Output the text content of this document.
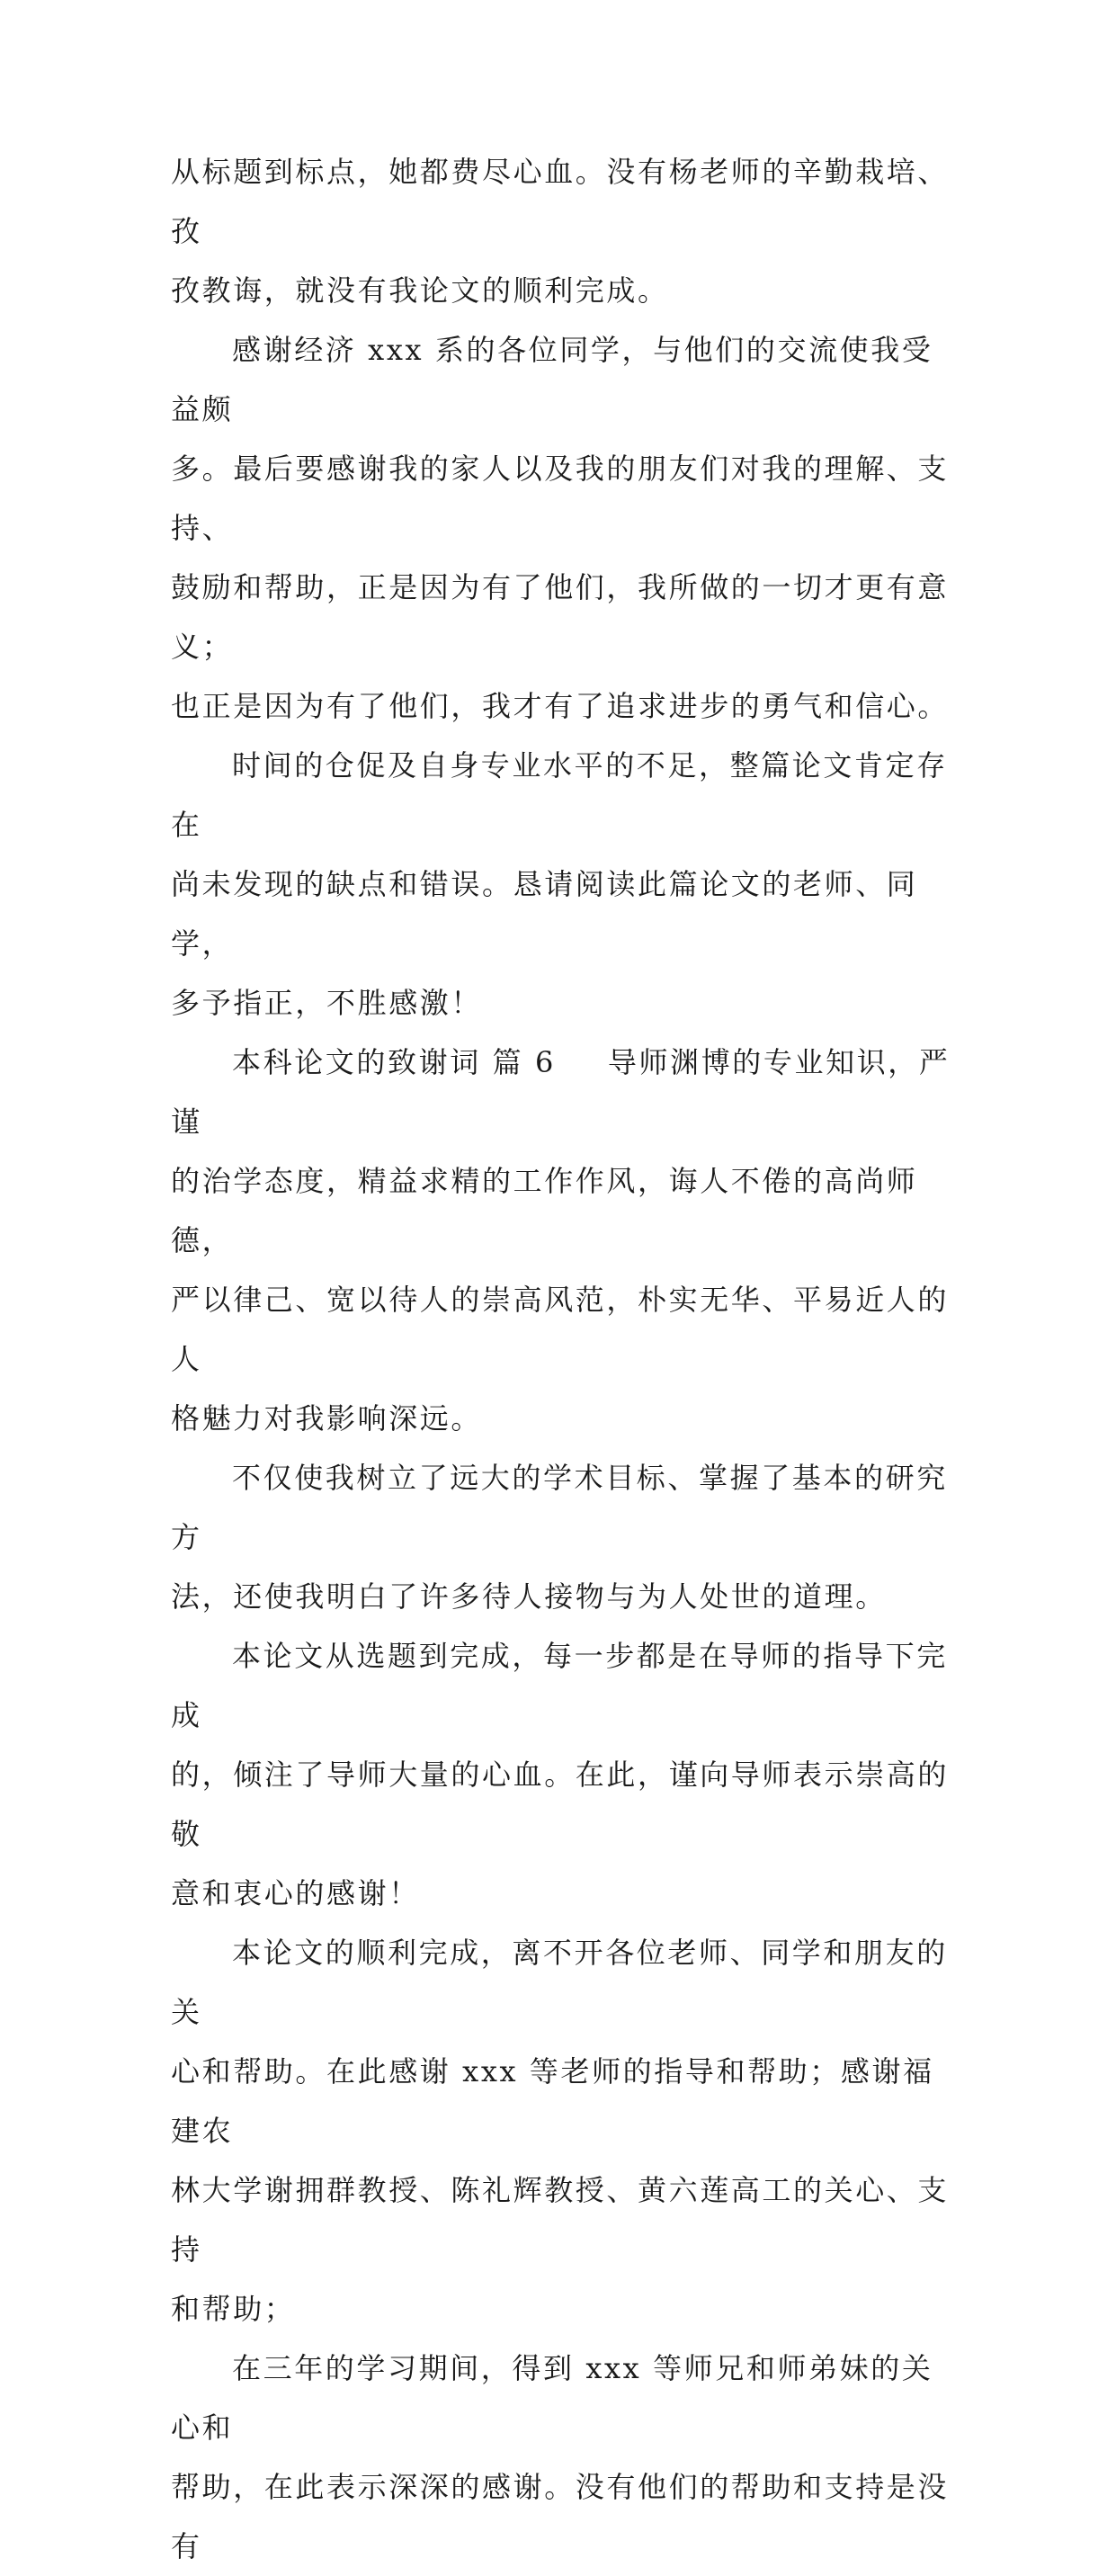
从标题到标点，她都费尽心血。没有杨老师的辛勤栽培、孜
孜教诲，就没有我论文的顺利完成。

感谢经济 xxx 系的各位同学，与他们的交流使我受益颇
多。最后要感谢我的家人以及我的朋友们对我的理解、支持、
鼓励和帮助，正是因为有了他们，我所做的一切才更有意义；
也正是因为有了他们，我才有了追求进步的勇气和信心。

时间的仓促及自身专业水平的不足，整篇论文肯定存在
尚未发现的缺点和错误。恳请阅读此篇论文的老师、同学，
多予指正，不胜感激！

本科论文的致谢词 篇 6 导师渊博的专业知识，严谨
的治学态度，精益求精的工作作风，诲人不倦的高尚师德，
严以律己、宽以待人的崇高风范，朴实无华、平易近人的人
格魅力对我影响深远。

不仅使我树立了远大的学术目标、掌握了基本的研究方
法，还使我明白了许多待人接物与为人处世的道理。

本论文从选题到完成，每一步都是在导师的指导下完成
的，倾注了导师大量的心血。在此，谨向导师表示崇高的敬
意和衷心的感谢！

本论文的顺利完成，离不开各位老师、同学和朋友的关
心和帮助。在此感谢 xxx 等老师的指导和帮助；感谢福建农
林大学谢拥群教授、陈礼辉教授、黄六莲高工的关心、支持
和帮助；

在三年的学习期间，得到 xxx 等师兄和师弟妹的关心和
帮助，在此表示深深的感谢。没有他们的帮助和支持是没有
